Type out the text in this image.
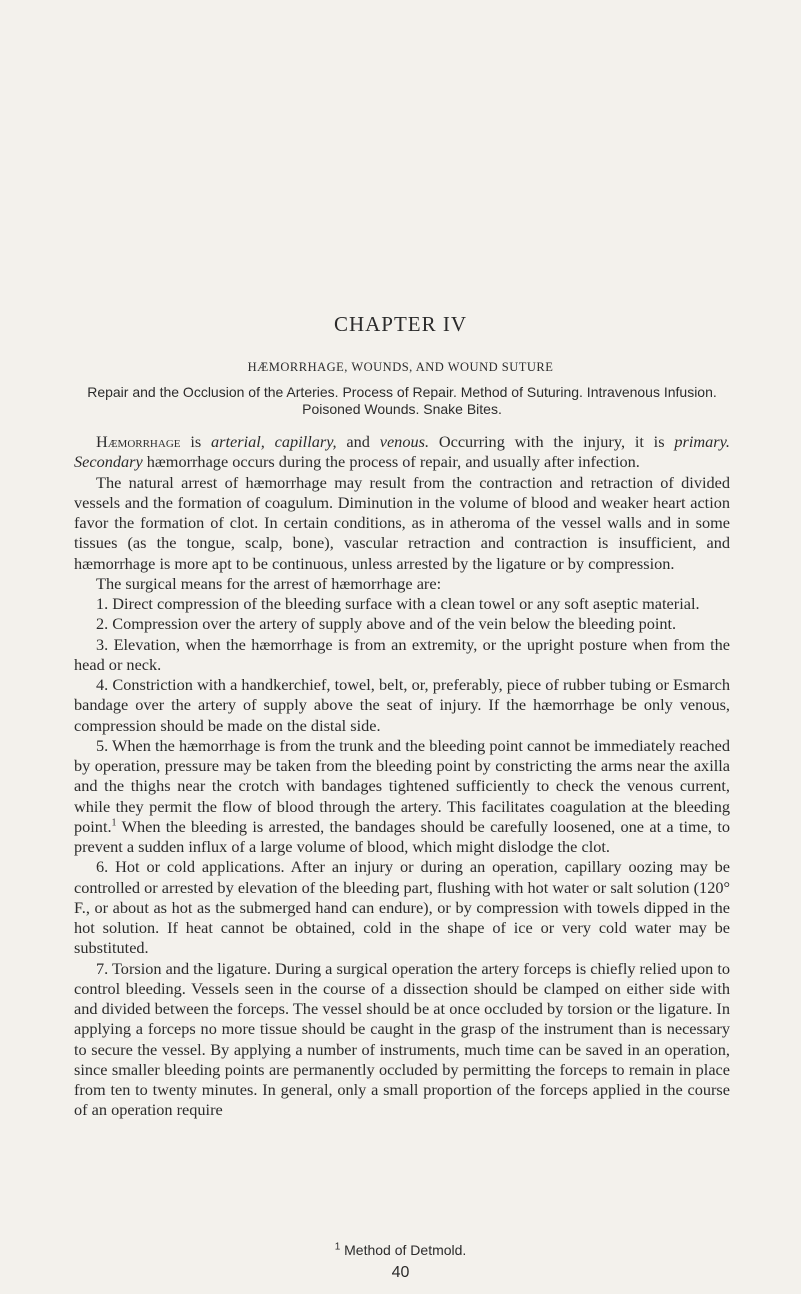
CHAPTER IV
HÆMORRHAGE, WOUNDS, AND WOUND SUTURE
Repair and the Occlusion of the Arteries. Process of Repair. Method of Suturing. Intravenous Infusion. Poisoned Wounds. Snake Bites.

Hæmorrhage is arterial, capillary, and venous. Occurring with the injury, it is primary. Secondary hæmorrhage occurs during the process of repair, and usually after infection.

The natural arrest of hæmorrhage may result from the contraction and retraction of divided vessels and the formation of coagulum. Diminution in the volume of blood and weaker heart action favor the formation of clot. In certain conditions, as in atheroma of the vessel walls and in some tissues (as the tongue, scalp, bone), vascular retraction and contraction is insufficient, and hæmorrhage is more apt to be continuous, unless arrested by the ligature or by compression.

The surgical means for the arrest of hæmorrhage are:

1. Direct compression of the bleeding surface with a clean towel or any soft aseptic material.

2. Compression over the artery of supply above and of the vein below the bleeding point.

3. Elevation, when the hæmorrhage is from an extremity, or the upright posture when from the head or neck.

4. Constriction with a handkerchief, towel, belt, or, preferably, piece of rubber tubing or Esmarch bandage over the artery of supply above the seat of injury. If the hæmorrhage be only venous, compression should be made on the distal side.

5. When the hæmorrhage is from the trunk and the bleeding point cannot be immediately reached by operation, pressure may be taken from the bleeding point by constricting the arms near the axilla and the thighs near the crotch with bandages tightened sufficiently to check the venous current, while they permit the flow of blood through the artery. This facilitates coagulation at the bleeding point.$^1$ When the bleeding is arrested, the bandages should be carefully loosened, one at a time, to prevent a sudden influx of a large volume of blood, which might dislodge the clot.

6. Hot or cold applications. After an injury or during an operation, capillary oozing may be controlled or arrested by elevation of the bleeding part, flushing with hot water or salt solution (120° F., or about as hot as the submerged hand can endure), or by compression with towels dipped in the hot solution. If heat cannot be obtained, cold in the shape of ice or very cold water may be substituted.

7. Torsion and the ligature. During a surgical operation the artery forceps is chiefly relied upon to control bleeding. Vessels seen in the course of a dissection should be clamped on either side with and divided between the forceps. The vessel should be at once occluded by torsion or the ligature. In applying a forceps no more tissue should be caught in the grasp of the instrument than is necessary to secure the vessel. By applying a number of instruments, much time can be saved in an operation, since smaller bleeding points are permanently occluded by permitting the forceps to remain in place from ten to twenty minutes. In general, only a small proportion of the forceps applied in the course of an operation require

$^1$ Method of Detmold.
40
